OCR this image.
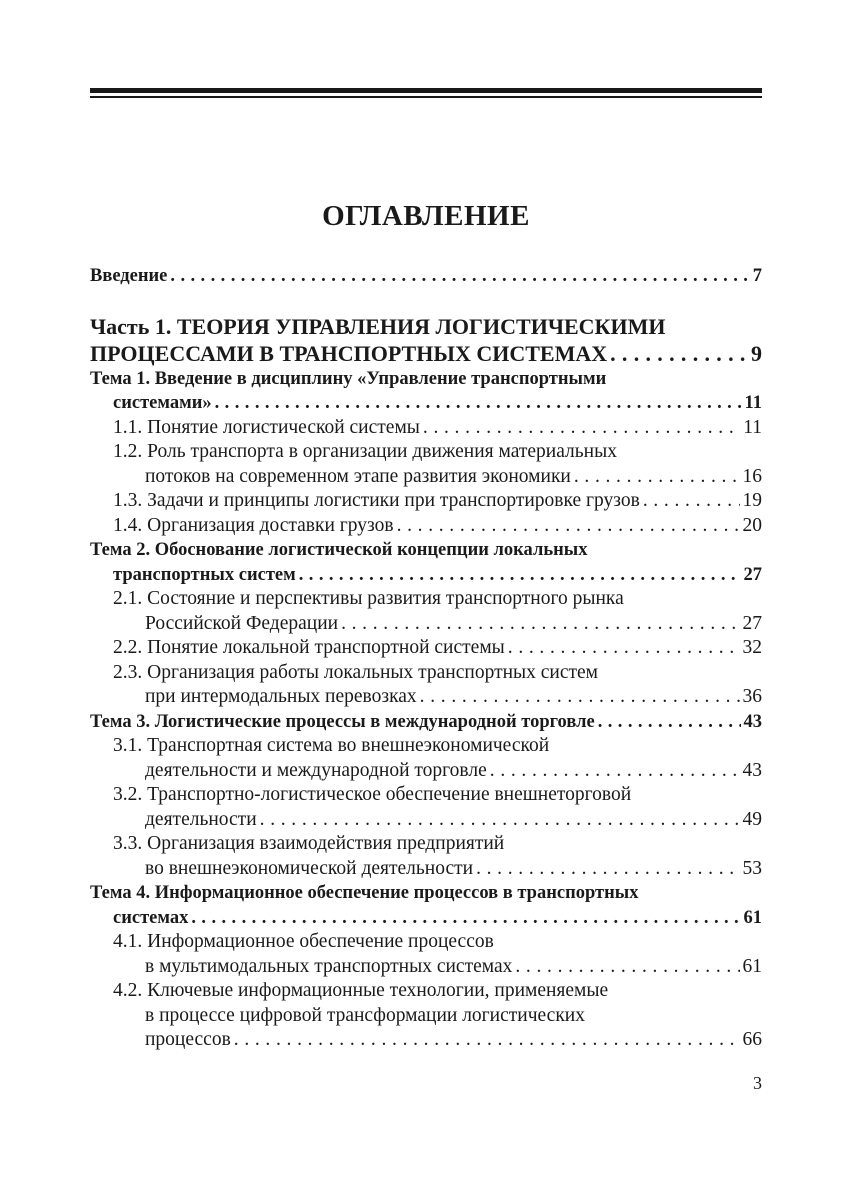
ОГЛАВЛЕНИЕ
Введение . . .	7
Часть 1. ТЕОРИЯ УПРАВЛЕНИЯ ЛОГИСТИЧЕСКИМИ
ПРОЦЕССАМИ В ТРАНСПОРТНЫХ СИСТЕМАХ . . .	9
Тема 1. Введение в дисциплину «Управление транспортными
системами» . . .	11
1.1. Понятие логистической системы . . .	11
1.2. Роль транспорта в организации движения материальных
потоков на современном этапе развития экономики . . .	16
1.3. Задачи и принципы логистики при транспортировке грузов . . .	19
1.4. Организация доставки грузов . . .	20
Тема 2. Обоснование логистической концепции локальных
транспортных систем . . .	27
2.1. Состояние и перспективы развития транспортного рынка
Российской Федерации . . .	27
2.2. Понятие локальной транспортной системы . . .	32
2.3. Организация работы локальных транспортных систем
при интермодальных перевозках . . .	36
Тема 3. Логистические процессы в международной торговле . . .	43
3.1. Транспортная система во внешнеэкономической
деятельности и международной торговле . . .	43
3.2. Транспортно-логистическое обеспечение внешнеторговой
деятельности . . .	49
3.3. Организация взаимодействия предприятий
во внешнеэкономической деятельности . . .	53
Тема 4. Информационное обеспечение процессов в транспортных
системах . . .	61
4.1. Информационное обеспечение процессов
в мультимодальных транспортных системах . . .	61
4.2. Ключевые информационные технологии, применяемые
в процессе цифровой трансформации логистических
процессов . . .	66
3
